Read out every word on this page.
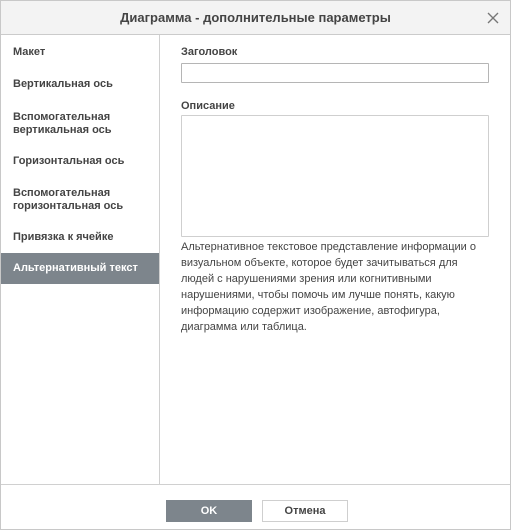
Диаграмма - дополнительные параметры
Макет
Вертикальная ось
Вспомогательная вертикальная ось
Горизонтальная ось
Вспомогательная горизонтальная ось
Привязка к ячейке
Альтернативный текст
Заголовок
Описание
Альтернативное текстовое представление информации о визуальном объекте, которое будет зачитываться для людей с нарушениями зрения или когнитивными нарушениями, чтобы помочь им лучше понять, какую информацию содержит изображение, автофигура, диаграмма или таблица.
OK	Отмена
